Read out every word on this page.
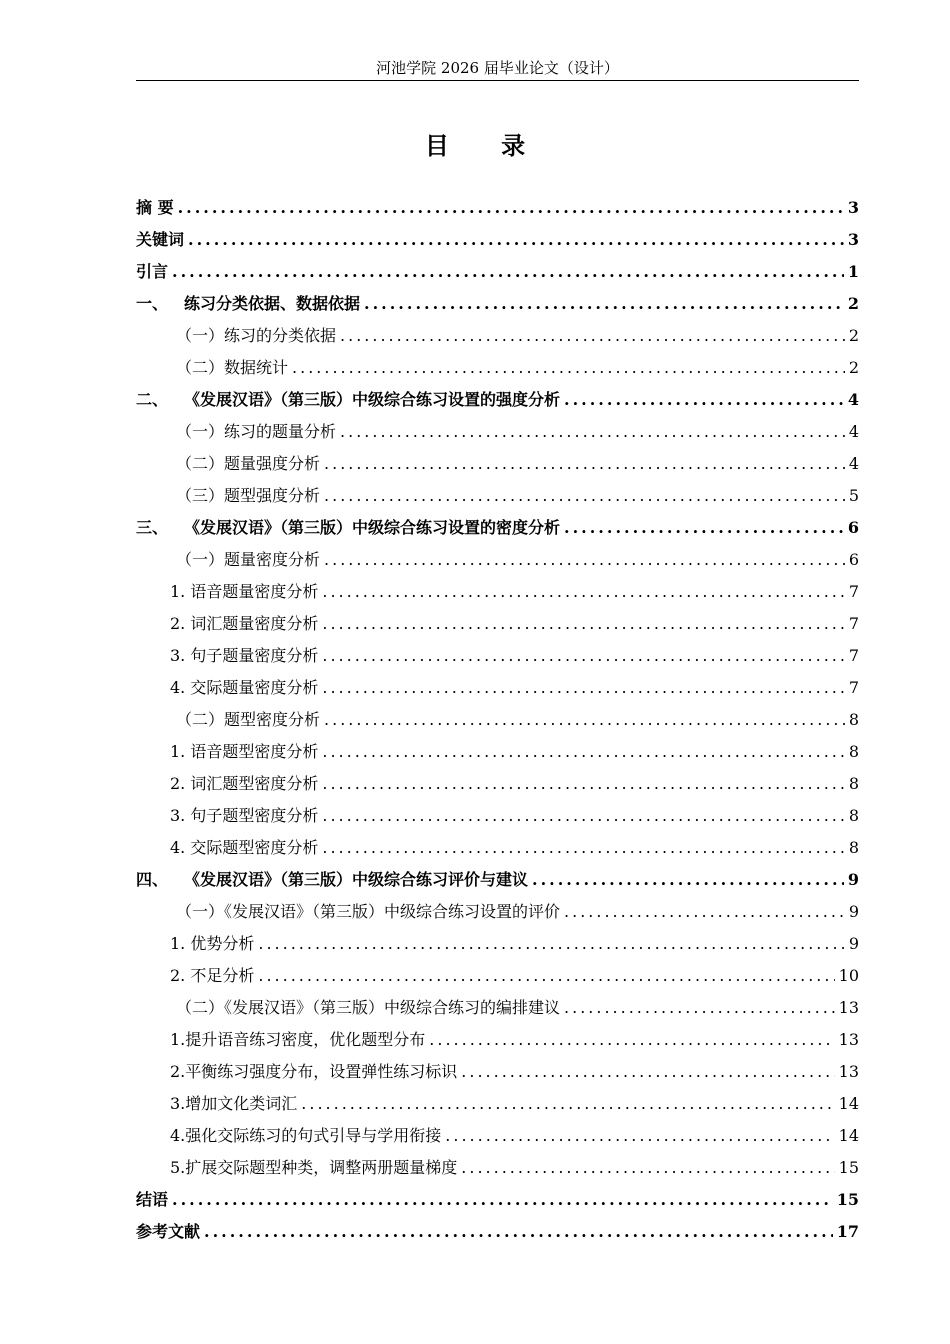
河池学院 2026 届毕业论文（设计）
目 录
摘 要 .....	3
关键词 .....	3
引言 .....	1
一、 练习分类依据、数据依据 .....	2
（一）练习的分类依据 .....	2
（二）数据统计 .....	2
二、 《发展汉语》（第三版）中级综合练习设置的强度分析 .....	4
（一）练习的题量分析 .....	4
（二）题量强度分析 .....	4
（三）题型强度分析 .....	5
三、 《发展汉语》（第三版）中级综合练习设置的密度分析 .....	6
（一）题量密度分析 .....	6
1. 语音题量密度分析 .....	7
2. 词汇题量密度分析 .....	7
3. 句子题量密度分析 .....	7
4. 交际题量密度分析 .....	7
（二）题型密度分析 .....	8
1. 语音题型密度分析 .....	8
2. 词汇题型密度分析 .....	8
3. 句子题型密度分析 .....	8
4. 交际题型密度分析 .....	8
四、 《发展汉语》（第三版）中级综合练习评价与建议 .....	9
（一）《发展汉语》（第三版）中级综合练习设置的评价 .....	9
1. 优势分析 .....	9
2. 不足分析 .....	10
（二）《发展汉语》（第三版）中级综合练习的编排建议 .....	13
1.提升语音练习密度，优化题型分布 .....	13
2.平衡练习强度分布，设置弹性练习标识 .....	13
3.增加文化类词汇 .....	14
4.强化交际练习的句式引导与学用衔接 .....	14
5.扩展交际题型种类，调整两册题量梯度 .....	15
结语 .....	15
参考文献 .....	17
